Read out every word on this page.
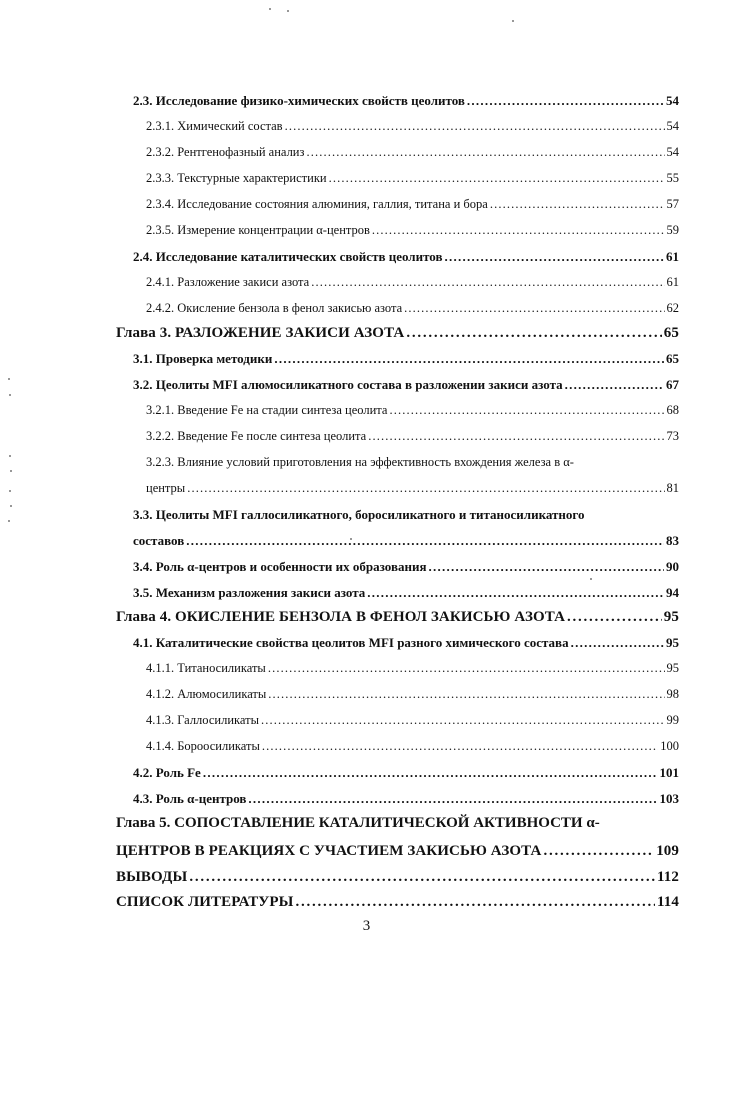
2.3. Исследование физико-химических свойств цеолитов . . .	54
2.3.1. Химический состав . . .	54
2.3.2. Рентгенофазный анализ . . .	54
2.3.3. Текстурные характеристики . . .	55
2.3.4. Исследование состояния алюминия, галлия, титана и бора . . .	57
2.3.5. Измерение концентрации α-центров . . .	59
2.4. Исследование каталитических свойств цеолитов . . .	61
2.4.1. Разложение закиси азота . . .	61
2.4.2. Окисление бензола в фенол закисью азота . . .	62
Глава 3. РАЗЛОЖЕНИЕ ЗАКИСИ АЗОТА . . .	65
3.1. Проверка методики . . .	65
3.2. Цеолиты MFI алюмосиликатного состава в разложении закиси азота . . .	67
3.2.1. Введение Fe на стадии синтеза цеолита . . .	68
3.2.2. Введение Fe после синтеза цеолита . . .	73
3.2.3. Влияние условий приготовления на эффективность вхождения железа в α-
центры . . .	81
3.3. Цеолиты MFI галлосиликатного, боросиликатного и титаносиликатного
составов . . .	83
3.4. Роль α-центров и особенности их образования . . .	90
3.5. Механизм разложения закиси азота . . .	94
Глава 4. ОКИСЛЕНИЕ БЕНЗОЛА В ФЕНОЛ ЗАКИСЬЮ АЗОТА . . .	95
4.1. Каталитические свойства цеолитов MFI разного химического состава . . .	95
4.1.1. Титаносиликаты . . .	95
4.1.2. Алюмосиликаты . . .	98
4.1.3. Галлосиликаты . . .	99
4.1.4. Бороосиликаты . . .	100
4.2. Роль Fe . . .	101
4.3. Роль α-центров . . .	103
Глава 5. СОПОСТАВЛЕНИЕ КАТАЛИТИЧЕСКОЙ АКТИВНОСТИ α-
ЦЕНТРОВ В РЕАКЦИЯХ С УЧАСТИЕМ ЗАКИСЬЮ АЗОТА . . .	109
ВЫВОДЫ . . .	112
СПИСОК ЛИТЕРАТУРЫ . . .	114
3
